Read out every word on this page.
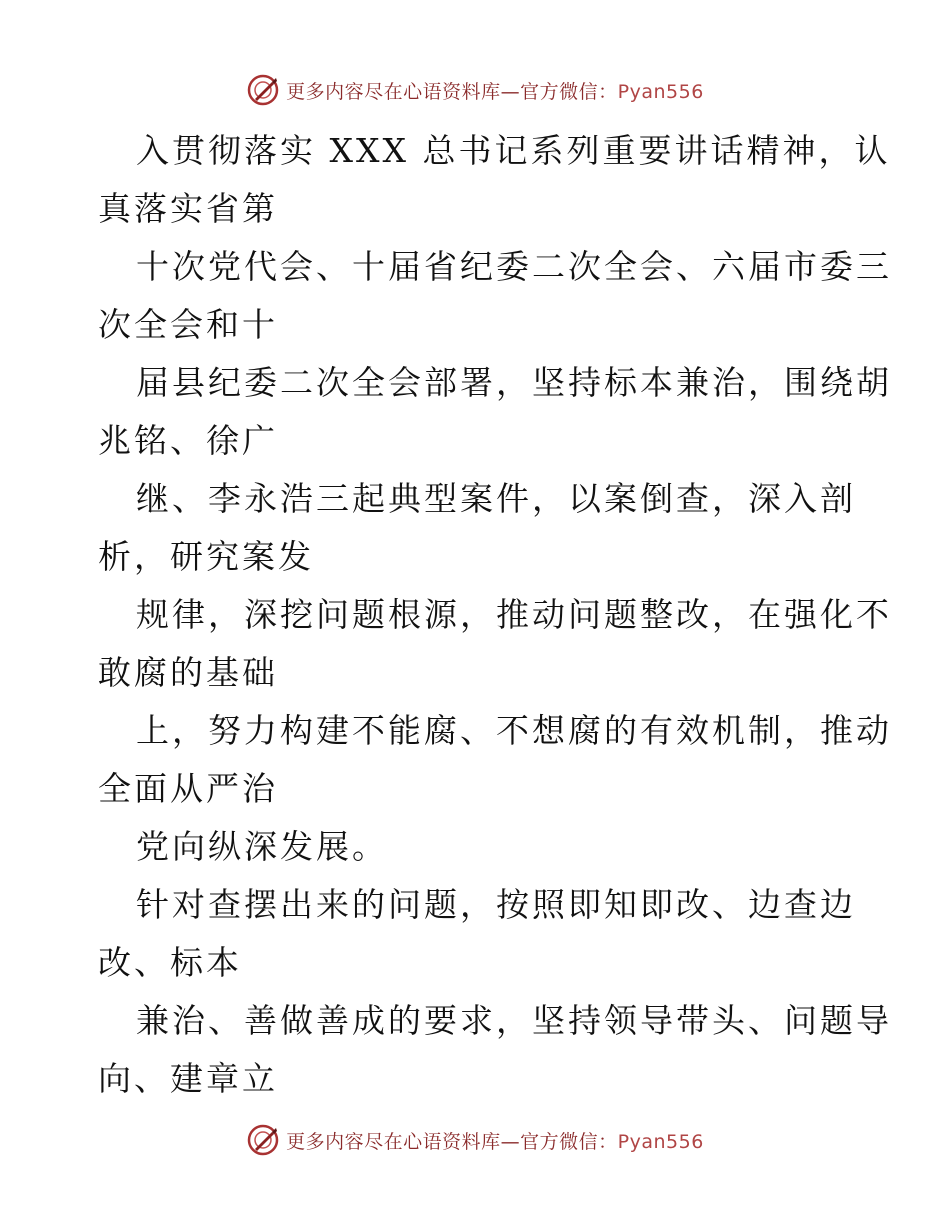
更多内容尽在心语资料库—官方微信：Pyan556
入贯彻落实 XXX 总书记系列重要讲话精神，认
真落实省第
十次党代会、十届省纪委二次全会、六届市委三
次全会和十
届县纪委二次全会部署，坚持标本兼治，围绕胡
兆铭、徐广
继、李永浩三起典型案件，以案倒查，深入剖
析，研究案发
规律，深挖问题根源，推动问题整改，在强化不
敢腐的基础
上，努力构建不能腐、不想腐的有效机制，推动
全面从严治
党向纵深发展。
针对查摆出来的问题，按照即知即改、边查边
改、标本
兼治、善做善成的要求，坚持领导带头、问题导
向、建章立
更多内容尽在心语资料库—官方微信：Pyan556
